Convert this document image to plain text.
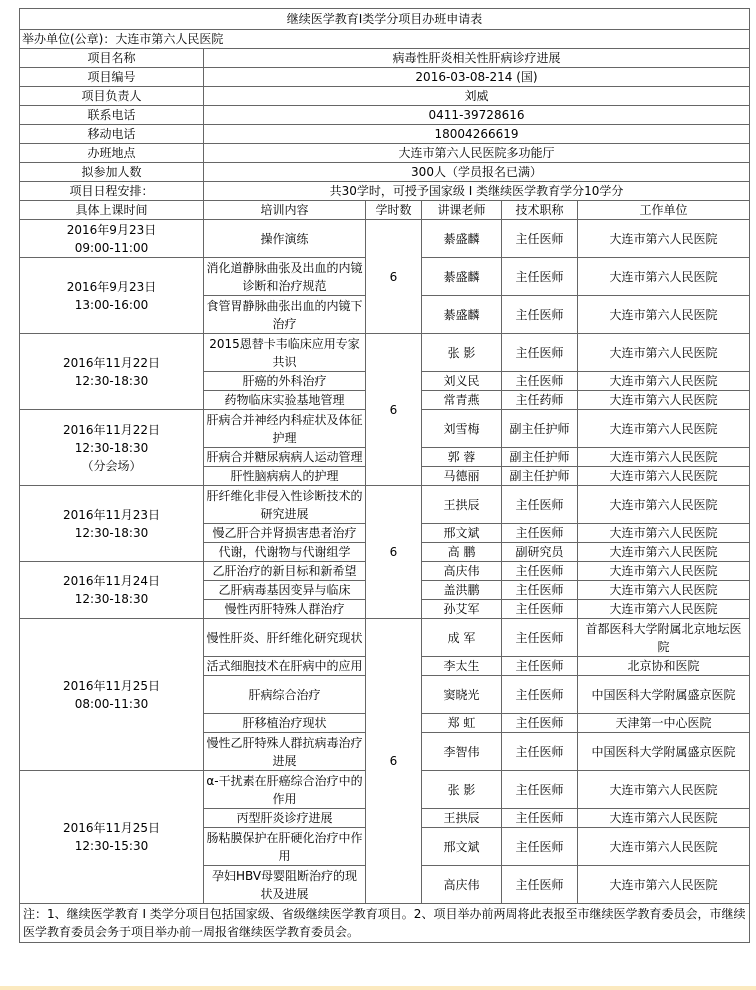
继续医学教育I类学分项目办班申请表					
举办单位(公章)：大连市第六人民医院					
项目名称	病毒性肝炎相关性肝病诊疗进展				
项目编号	2016-03-08-214 (国)				
项目负责人	刘威				
联系电话	0411-39728616				
移动电话	18004266619				
办班地点	大连市第六人民医院多功能厅				
拟参加人数	300人（学员报名已满）				
项目日程安排：	共30学时，可授予国家级 I 类继续医学教育学分10学分				
具体上课时间	培训内容	学时数	讲课老师	技术职称	工作单位
2016年9月23日
09:00-11:00	操作演练	6	綦盛麟	主任医师	大连市第六人民医院
2016年9月23日
13:00-16:00	消化道静脉曲张及出血的内镜诊断和治疗规范		綦盛麟	主任医师	大连市第六人民医院
	食管胃静脉曲张出血的内镜下治疗		綦盛麟	主任医师	大连市第六人民医院
2016年11月22日
12:30-18:30	2015恩替卡韦临床应用专家共识	6	张 影	主任医师	大连市第六人民医院
	肝癌的外科治疗		刘义民	主任医师	大连市第六人民医院
	药物临床实验基地管理		常青燕	主任药师	大连市第六人民医院
2016年11月22日
12:30-18:30
（分会场）	肝病合并神经内科症状及体征护理		刘雪梅	副主任护师	大连市第六人民医院
	肝病合并糖尿病病人运动管理		郭 蓉	副主任护师	大连市第六人民医院
	肝性脑病病人的护理		马德丽	副主任护师	大连市第六人民医院
2016年11月23日
12:30-18:30	肝纤维化非侵入性诊断技术的研究进展	6	王拱辰	主任医师	大连市第六人民医院
	慢乙肝合并肾损害患者治疗		邢文斌	主任医师	大连市第六人民医院
	代谢，代谢物与代谢组学		高 鹏	副研究员	大连市第六人民医院
2016年11月24日
12:30-18:30	乙肝治疗的新目标和新希望		高庆伟	主任医师	大连市第六人民医院
	乙肝病毒基因变异与临床		盖洪鹏	主任医师	大连市第六人民医院
	慢性丙肝特殊人群治疗		孙艾军	主任医师	大连市第六人民医院
2016年11月25日
08:00-11:30	慢性肝炎、肝纤维化研究现状	6	成 军	主任医师	首都医科大学附属北京地坛医院
	活式细胞技术在肝病中的应用		李太生	主任医师	北京协和医院
	肝病综合治疗		窦晓光	主任医师	中国医科大学附属盛京医院
	肝移植治疗现状		郑 虹	主任医师	天津第一中心医院
	慢性乙肝特殊人群抗病毒治疗进展		李智伟	主任医师	中国医科大学附属盛京医院
2016年11月25日
12:30-15:30	α-干扰素在肝癌综合治疗中的作用		张 影	主任医师	大连市第六人民医院
	丙型肝炎诊疗进展		王拱辰	主任医师	大连市第六人民医院
	肠粘膜保护在肝硬化治疗中作用		邢文斌	主任医师	大连市第六人民医院
	孕妇HBV母婴阻断治疗的现状及进展		高庆伟	主任医师	大连市第六人民医院
注：1、继续医学教育 I 类学分项目包括国家级、省级继续医学教育项目。2、项目举办前两周将此表报至市继续医学教育委员会，市继续医学教育委员会务于项目举办前一周报省继续医学教育委员会。					
